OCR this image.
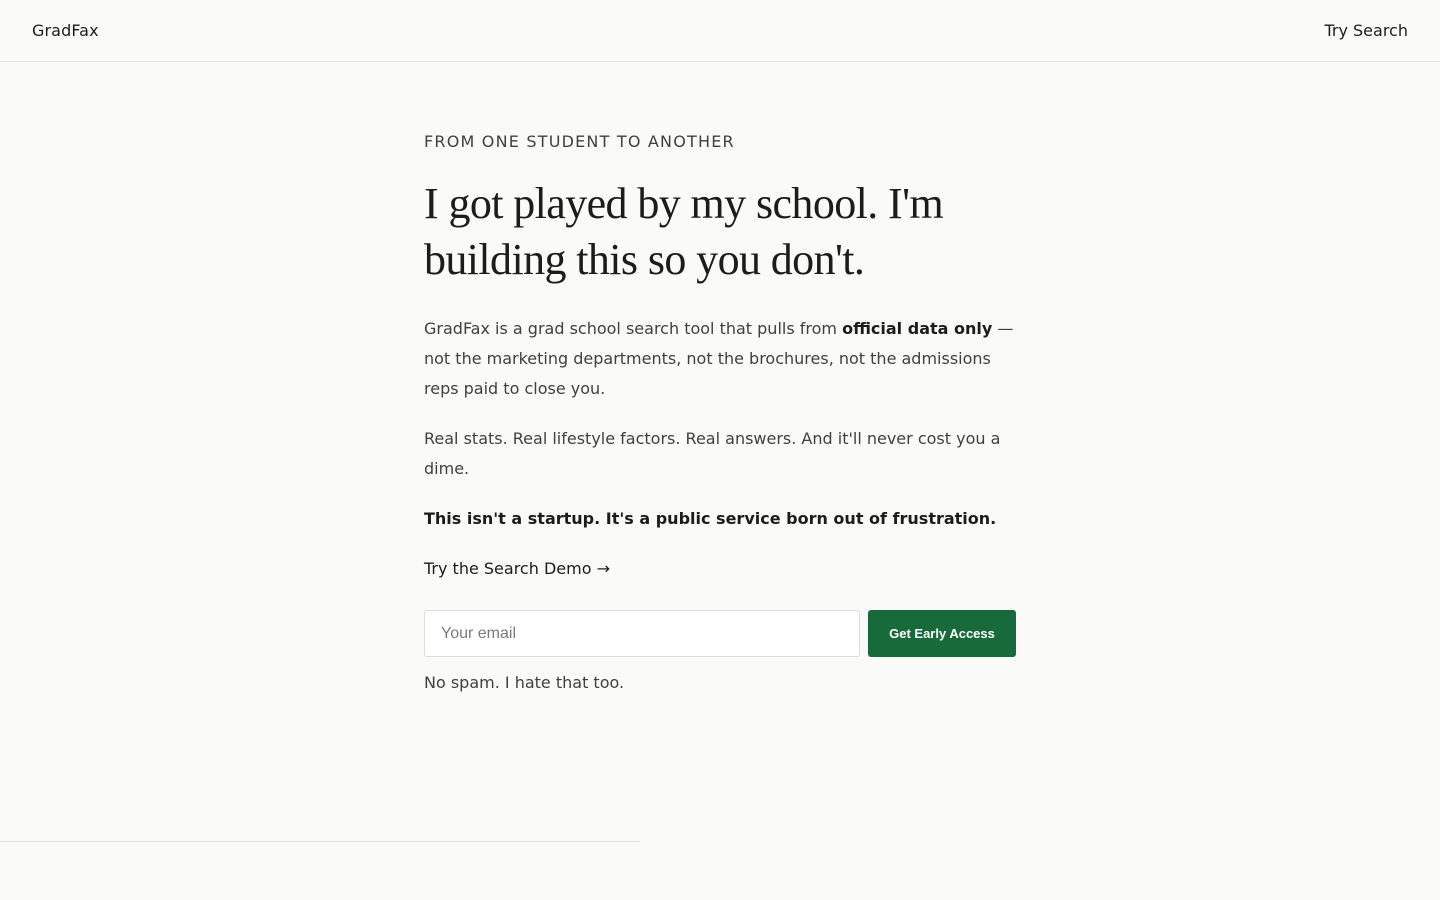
GradFax	Try Search

FROM ONE STUDENT TO ANOTHER

I got played by my school. I'm building this so you don't.

GradFax is a grad school search tool that pulls from official data only — not the marketing departments, not the brochures, not the admissions reps paid to close you.

Real stats. Real lifestyle factors. Real answers. And it'll never cost you a dime.

This isn't a startup. It's a public service born out of frustration.

Try the Search Demo →
Your email
Get Early Access

No spam. I hate that too.
